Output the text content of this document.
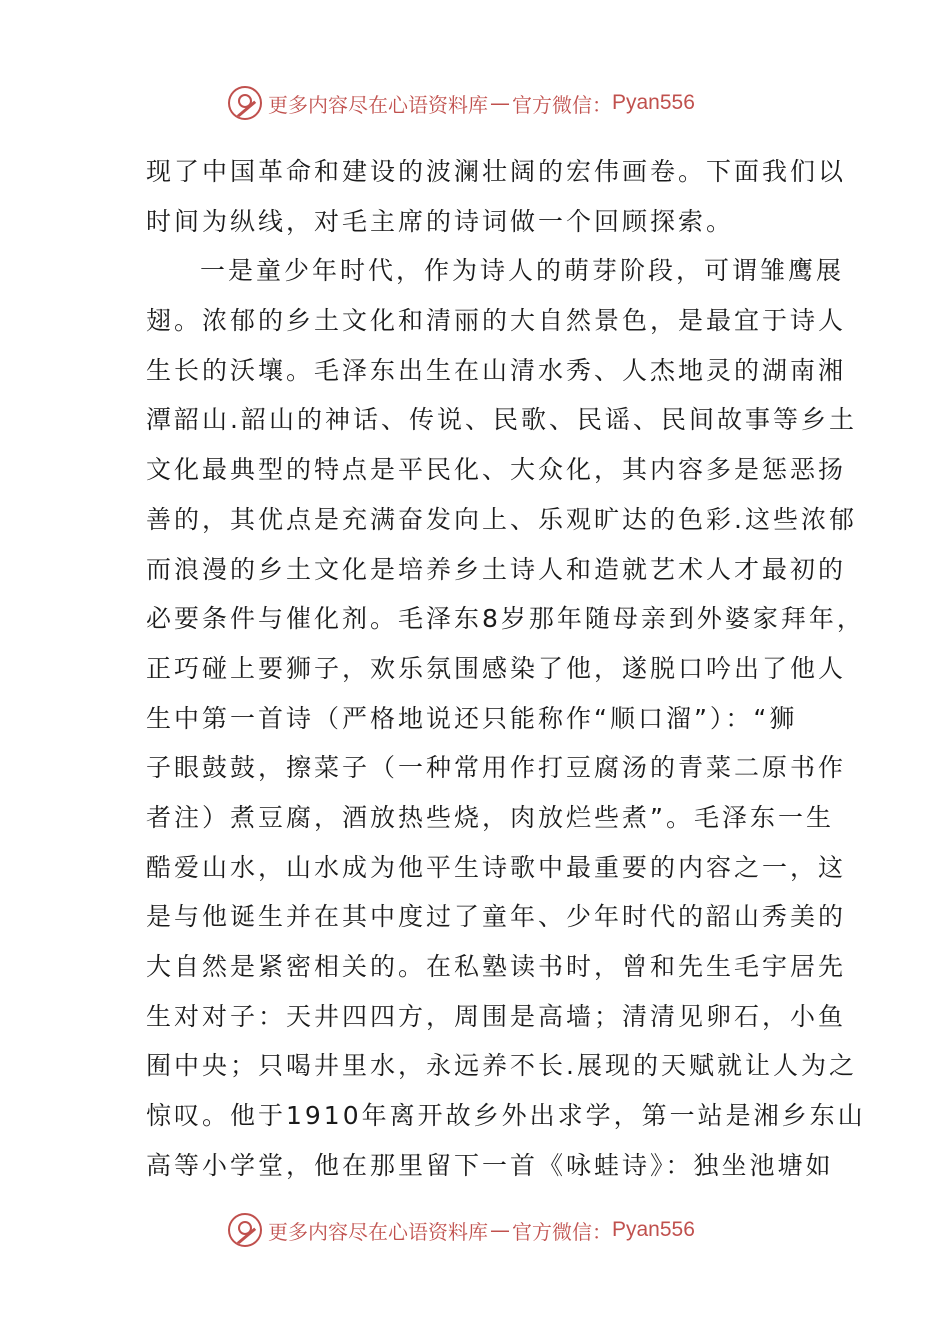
更多内容尽在心语资料库 — 官方微信： Pyan556
现了中国革命和建设的波澜壮阔的宏伟画卷。下面我们以
时间为纵线，对毛主席的诗词做一个回顾探索。
一是童少年时代，作为诗人的萌芽阶段，可谓雏鹰展
翅。浓郁的乡土文化和清丽的大自然景色，是最宜于诗人
生长的沃壤。毛泽东出生在山清水秀、人杰地灵的湖南湘
潭韶山.韶山的神话、传说、民歌、民谣、民间故事等乡土
文化最典型的特点是平民化、大众化，其内容多是惩恶扬
善的，其优点是充满奋发向上、乐观旷达的色彩.这些浓郁
而浪漫的乡土文化是培养乡土诗人和造就艺术人才最初的
必要条件与催化剂。毛泽东8岁那年随母亲到外婆家拜年，
正巧碰上要狮子，欢乐氛围感染了他，遂脱口吟出了他人
生中第一首诗（严格地说还只能称作“顺口溜”）：“狮
子眼鼓鼓，擦菜子（一种常用作打豆腐汤的青菜二原书作
者注）煮豆腐，酒放热些烧，肉放烂些煮”。毛泽东一生
酷爱山水，山水成为他平生诗歌中最重要的内容之一，这
是与他诞生并在其中度过了童年、少年时代的韶山秀美的
大自然是紧密相关的。在私塾读书时，曾和先生毛宇居先
生对对子：天井四四方，周围是高墙；清清见卵石，小鱼
囿中央；只喝井里水，永远养不长.展现的天赋就让人为之
惊叹。他于1910年离开故乡外出求学，第一站是湘乡东山
高等小学堂，他在那里留下一首《咏蛙诗》：独坐池塘如
更多内容尽在心语资料库 — 官方微信： Pyan556
